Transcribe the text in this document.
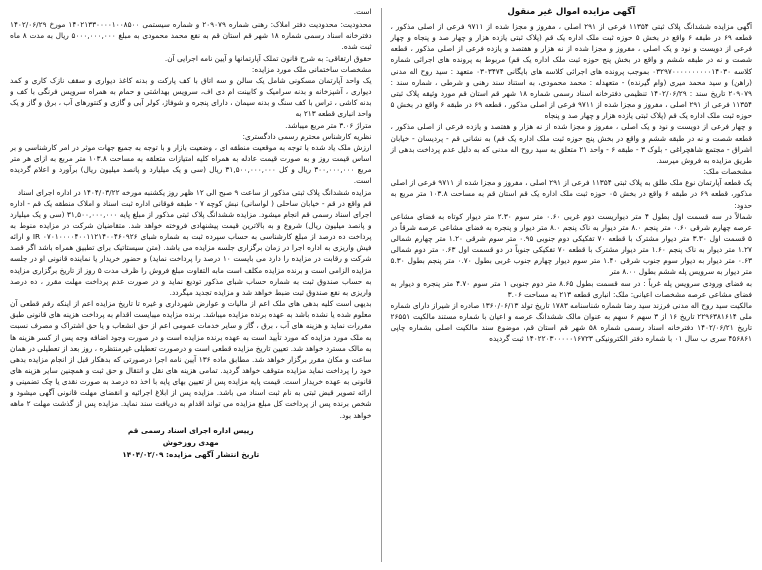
آگهی مزایده اموال غیر منقول

آگهی مزایده ششدانگ پلاک ثبتی ۱۱۳۵۴ فرعی از ۲۹۱ اصلی ، مفروز و مجزا شده از ۹۷۱۱ فرعی از اصلی مذکور ، قطعه ۶۹ در طبقه ۶ واقع در بخش ۵ حوزه ثبت ملک اداره یک قم (پلاک ثبتی یازده هزار و چهار صد و پنجاه و چهار فرعی از دویست و نود و یک اصلی ، مفروز و مجزا شده از نه هزار و هفتصد و یازده فرعی از اصلی مذکور ، قطعه شصت و نه در طبقه ششم و واقع در بخش پنج حوزه ثبت ملک اداره یک قم) مربوط به پرونده های اجرائی شماره کلاسه ۰۳۲۹۷۰۰۰۰۰۰۰۰۰۰۱۴۰۳۰ بموجب پرونده های اجرائی کلاسه های بایگانی ۰۳۰۳۴۷۴ متعهد : سید روح اله مدنی (راهن) و سید محمد میری (وام گیرنده) - متعهدله : محمد محمودی، به استناد سند رهنی و شرطی ، شماره سند : ۲۰۹۰۷۹ تاریخ سند : ۱۴۰۲/۰۶/۲۹ تنظیمی دفترخانه اسناد رسمی شماره ۱۸ شهر قم استان قم مورد وثیقه پلاک ثبتی ۱۱۳۵۴ فرعی از ۲۹۱ اصلی ، مفروز و مجزا شده از ۹۷۱۱ فرعی از اصلی مذکور ، قطعه ۶۹ در طبقه ۶ واقع در بخش ۵ حوزه ثبت ملک اداره یک قم (پلاک ثبتی یازده هزار و چهار صد و پنجاه

و چهار فرعی از دویست و نود و یک اصلی ، مفروز و مجزا شده از نه هزار و هفتصد و یازده فرعی از اصلی مذکور ، قطعه شصت و نه در طبقه ششم و واقع در بخش پنج حوزه ثبت ملک اداره یک قم) به نشانی قم - پردیسان - خیابان اشراق - مجتمع شاهچراغی - بلوک ۳ - طبقه ۶ - واحد ۲۱ متعلق به سید روح اله مدنی که به دلیل عدم پرداخت بدهی از طریق مزایده به فروش میرسد.

مشخصات ملک:

یک قطعه آپارتمان نوع ملک طلق به پلاک ثبتی ۱۱۳۵۴ فرعی از ۲۹۱ اصلی ، مفروز و مجزا شده از ۹۷۱۱ فرعی از اصلی مذکور، قطعه ۶۹ در طبقه ۶ واقع در بخش ۰۵ حوزه ثبت ملک اداره یک قم استان قم به مساحت ۱۰۳.۸ متر مربع به حدود:

شمالاً در سه قسمت اول بطول ۴ متر دیواریست دوم غربی ۰.۶۰ متر سوم ۲.۳۰ متر دیوار کوتاه به فضای مشاعی عرصه چهارم شرقی ۰.۶۰ متر پنجم ۸.۰ متر دیوار به ناک پنجم ۸.۰ متر دیوار و پنجره به فضای مشاعی عرصه شرقاً در ۵ قسمت اول ۳.۳۰ متر دیوار مشترک با قطعه ۷۰ تفکیکی دوم جنوبی ۰.۹۵ متر سوم شرقی ۱.۲۰ متر چهارم شمالی ۱.۲۷ متر دیوار به ناک پنجم ۱.۶۰ متر دیوار مشترک با قطعه ۷۰ تفکیکی جنوباً در دو قسمت اول ۰.۶۳ متر دوم شمالی ۰.۶۳ متر دیوار به دیوار سوم جنوب شرقی ۱.۴۰ متر سوم دیوار چهارم جنوب غربی بطول ۰.۷۰ متر پنجم بطول ۵.۳۰ متر دیوار به سرویس پله ششم بطول ۸.۰۰ متر

به فضای ورودی سرویس پله غرباً : در سه قسمت بطول ۸.۶۵ متر دوم جنوبی ۱ متر سوم ۴.۷۰ متر پنجره و دیوار به فضای مشاعی عرصه مشخصات اعیانی: ملک: انباری قطعه ۲۱۳ به مساحت ۳.۰۶

مالکیت سید روح اله مدنی فرزند سید رضا شماره شناسنامه ۱۷۸۳ تاریخ تولد ۱۳۶۰/۰۶/۱۳ صادره از شیراز دارای شماره ملی ۲۲۹۶۳۸۱۶۱۴ تاریخ ۱۶ از ۳ سهم ۶ سهم به عنوان مالک ششدانگ عرصه و اعیان با شماره مستند مالکیت ۲۶۵۵۱ تاریخ ۱۴۰۲/۰۶/۲۱ دفترخانه اسناد رسمی شماره ۵۸ شهر قم استان قم، موضوع سند مالکیت اصلی بشماره چاپی ۴۵۶۸۶۱ سری ب سال ۰۱ با شماره دفتر الکترونیکی ۱۴۰۲۲۰۳۰۰۰۰۰۱۶۷۲۳ ثبت گردیده

است.

محدودیت: محدودیت دفتر املاک: رهنی شماره ۲۰۹۰۷۹ و شماره سیستمی ۱۴۰۲۱۳۳۰۰۰۰۱۰۰۸۵۰۰ مورخ ۱۴۰۲/۰۶/۲۹ دفترخانه اسناد رسمی شماره ۱۸ شهر قم استان قم به نفع محمد محمودی به مبلغ ۵۰۰۰,۰۰۰,۰۰۰ ریال به مدت ۸ ماه ثبت شده.

حقوق ارتفاقی: به شرح قانون تملک آپارتمانها و آیین نامه اجرایی آن.

مشخصات ساختمانی ملک مورد مزایده:

یک واحد آپارتمان مسکونی شامل یک سالن و سه اتاق با کف پارکت و بدنه کاغذ دیواری و سقف نازک کاری و کمد دیواری ، آشپزخانه و بدنه سرامیک و کابینت ام دی اف، سرویس بهداشتی و حمام به همراه سرویس فرنگی با کف و بدنه کاشی ، تراس با کف سنگ و بدنه سیمان ، دارای پنجره و شوفاژ، کولر آبی و گازی و کنتورهای آب ، برق و گاز و یک واحد انباری قطعه ۲۱۳ به

متراژ ۳.۰۶ متر مربع میباشد.

نظریه کارشناس محترم رسمی دادگستری:

ارزش ملک یاد شده با توجه به موقعیت منطقه ای ، وضعیت بازار و با توجه به جمیع جهات موثر در امر کارشناسی و بر اساس قیمت روز و به صورت قیمت عادله به همراه کلیه امتیازات متعلقه به مساحت ۱۰۳.۸ متر مربع به ازای هر متر مربع ۳۰۰,۰۰۰,۰۰۰ ریال و کل ۳۱,۵۰۰,۰۰۰,۰۰۰ ریال (سی و یک میلیارد و پانصد میلیون ریال) برآورد و اعلام گردیده است.

مزایده ششدانگ پلاک ثبتی مذکور از ساعت ۹ صبح الی ۱۲ ظهر روز یکشنبه مورخه ۱۴۰۴/۰۳/۲۲ در اداره اجرای اسناد

قم واقع در قم - خیابان ساحلی ( لواسانی) نبش کوچه ۷ - طبقه فوقانی اداره ثبت اسناد و املاک منطقه یک قم - اداره اجرای اسناد رسمی قم انجام میشود. مزایده ششدانگ پلاک ثبتی مذکور از مبلغ پایه ۳۱,۵۰۰,۰۰۰,۰۰۰ (سی و یک میلیارد و پانصد میلیون ریال) شروع و به بالاترین قیمت پیشنهادی فروخته خواهد شد. متقاضیان شرکت در مزایده منوط به پرداخت ده درصد از مبلغ کارشناسی به حساب سپرده ثبت به شماره شبای IR ۰۷۰۱۰۰۰۰۴۰۰۱۱۲۱۴۰۰۴۶۰۹۲۶ و ارائه فیش واریزی به اداره اجرا در زمان برگزاری جلسه مزایده می باشد. (متن سیستاتیک برای تطبیق همراه باشد اگر قصد شرکت و رقابت در مزایده را دارد می بایست ۱۰ درصد را پرداخت نماید) و حضور خریدار یا نماینده قانونی او در جلسه مزایده الزامی است و برنده مزایده مکلف است مابه التفاوت مبلغ فروش را ظرف مدت ۵ روز از تاریخ برگزاری مزایده به حساب صندوق ثبت به شماره حساب شبای مذکور تودیع نماید و در صورت عدم پرداخت مهلت مقرر ، ده درصد واریزی به نفع صندوق ثبت ضبط خواهد شد و مزایده تجدید میگردد.

بدیهی است کلیه بدهی های ملک اعم از مالیات و عوارض شهرداری و غیره تا تاریخ مزایده اعم از اینکه رقم قطعی آن معلوم شده یا نشده باشد به عهده برنده مزایده میباشد. برنده مزایده میبایست اقدام به پرداخت هزینه های قانونی طبق مقررات نماید و هزینه های آب ، برق ، گاز و سایر خدمات عمومی اعم از حق انشعاب و یا حق اشتراک و مصرف نسبت به ملک مورد مزایده که مورد تأیید است به عهده برنده مزایده است و در صورت وجود اضافه وجه پس از کسر هزینه ها به مالک مسترد خواهد شد. تعیین تاریخ مزایده قطعی است و درصورت تعطیلی غیرمنتظره ، روز بعد از تعطیلی در همان ساعت و مکان مقرر برگزار خواهد شد. مطابق ماده ۱۳۶ آیین نامه اجرا درصورتی که بدهکار قبل از انجام مزایده بدهی خود را پرداخت نماید مزایده متوقف خواهد گردید. تمامی هزینه های نقل و انتقال و حق ثبت و همچنین سایر هزینه های قانونی به عهده خریدار است. قیمت پایه مزایده پس از تعیین بهای پایه با اخذ ده درصد به صورت نقدی یا چک تضمینی و ارائه تصویر قبض ثبتی به نام ثبت اسناد می باشد. مزایده پس از ابلاغ اجرائیه و انقضای مهلت قانونی آگهی میشود و شخص برنده پس از پرداخت کل مبلغ مزایده می تواند اقدام به دریافت سند نماید. مزایده پس از گذشت مهلت ۲ ماهه خواهد بود.

رییس اداره اجرای اسناد رسمی قم
مهدی روزخوش
تاریخ انتشار آگهی مزایده: ۱۴۰۴/۰۲/۰۹
